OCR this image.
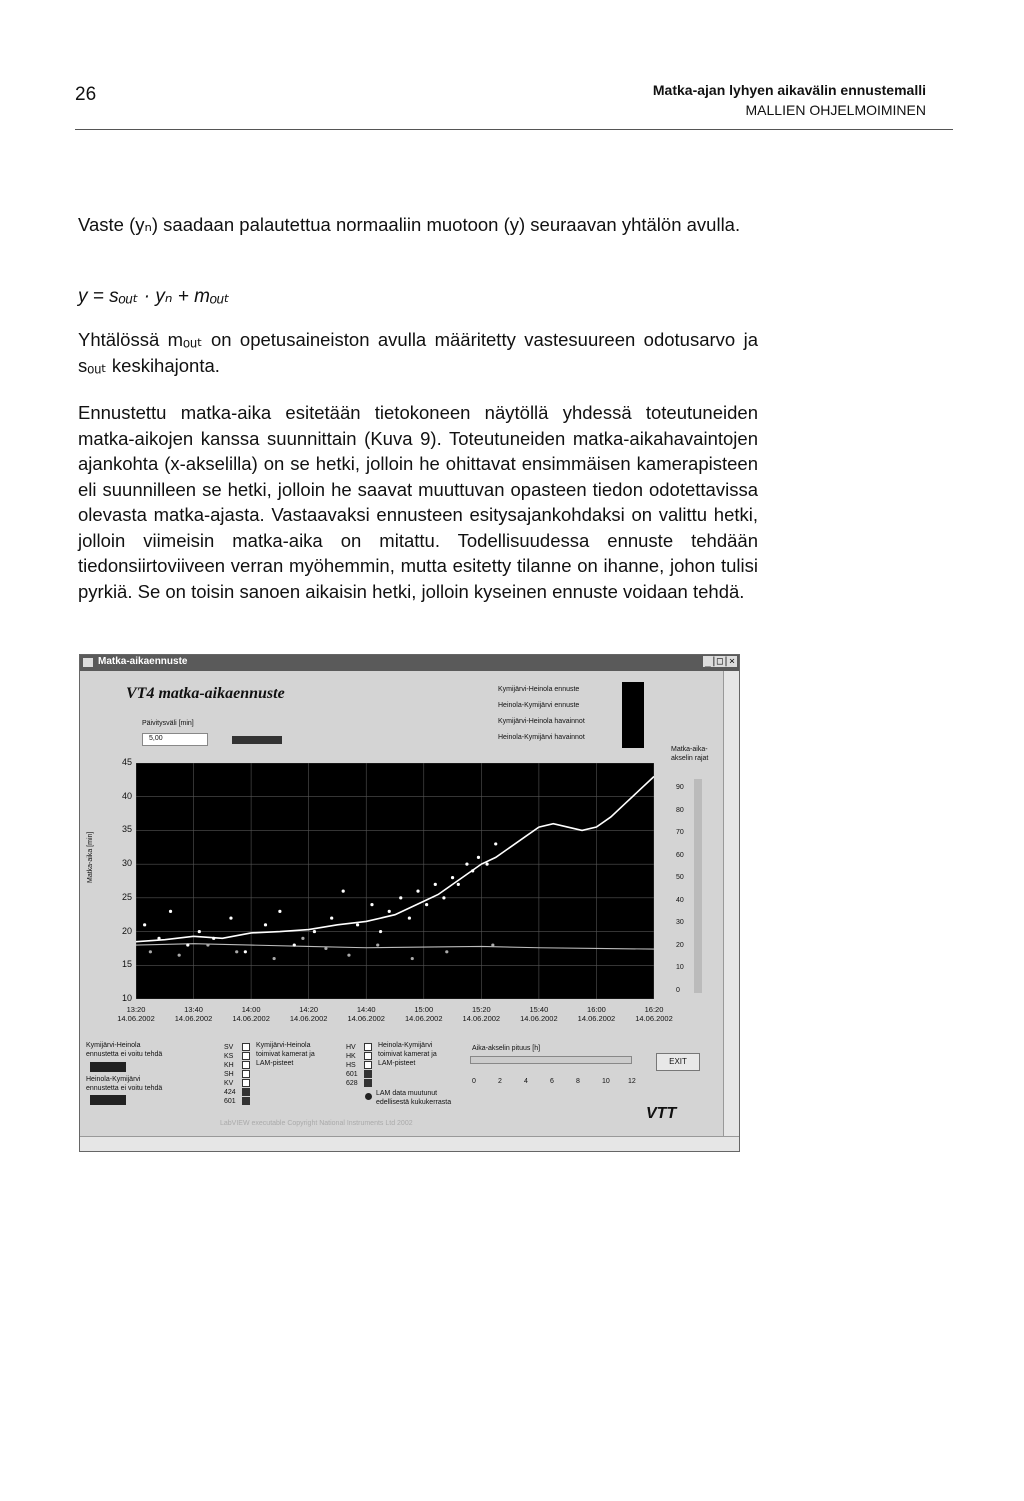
26	Matka-ajan lyhyen aikavälin ennustemalli
MALLIEN OHJELMOIMINEN
Vaste (yₙ) saadaan palautettua normaaliin muotoon (y) seuraavan yhtälön avulla.
y = sₒᵤₜ · yₙ + mₒᵤₜ
Yhtälössä mₒᵤₜ on opetusaineiston avulla määritetty vastesuureen odotusarvo ja sₒᵤₜ keskihajonta.
Ennustettu matka-aika esitetään tietokoneen näytöllä yhdessä toteutuneiden matka-aikojen kanssa suunnittain (Kuva 9). Toteutuneiden matka-aikahavaintojen ajankohta (x-akselilla) on se hetki, jolloin he ohittavat ensimmäisen kamerapisteen eli suunnilleen se hetki, jolloin he saavat muuttuvan opasteen tiedon odotettavissa olevasta matka-ajasta. Vastaavaksi ennusteen esitysajankohdaksi on valittu hetki, jolloin viimeisin matka-aika on mitattu. Todellisuudessa ennuste tehdään tiedonsiirtoviiveen verran myöhemmin, mutta esitetty tilanne on ihanne, johon tulisi pyrkiä. Se on toisin sanoen aikaisin hetki, jolloin kyseinen ennuste voidaan tehdä.
Matka-aikaennuste	_|□|×
VT4 matka-aikaennuste
Päivitysväli [min]
5,00
Kymijärvi-Heinola ennuste
Heinola-Kymijärvi ennuste
Kymijärvi-Heinola havainnot
Heinola-Kymijärvi havainnot
Matka-aika-akselin rajat
90
80
70
60
50
40
30
20
10
0
Matka-aika [min]
45
40
35
30
25
20
15
10
13:20
14.06.2002
13:40
14.06.2002
14:00
14.06.2002
14:20
14.06.2002
14:40
14.06.2002
15:00
14.06.2002
15:20
14.06.2002
15:40
14.06.2002
16:00
14.06.2002
16:20
14.06.2002
Kymijärvi-Heinola ennustetta ei voitu tehdä
Heinola-Kymijärvi ennustetta ei voitu tehdä
SV
KS
KH
SH
KV
424
601
Kymijärvi-Heinola toimivat kamerat ja LAM-pisteet
HV
HK
HS
601
628
Heinola-Kymijärvi toimivat kamerat ja LAM-pisteet
LAM data muutunut edellisestä kukukerrasta
Aika-akselin pituus [h]
0	2	4	6	8	10	12
EXIT
LabVIEW executable Copyright National Instruments Ltd 2002
VTT
